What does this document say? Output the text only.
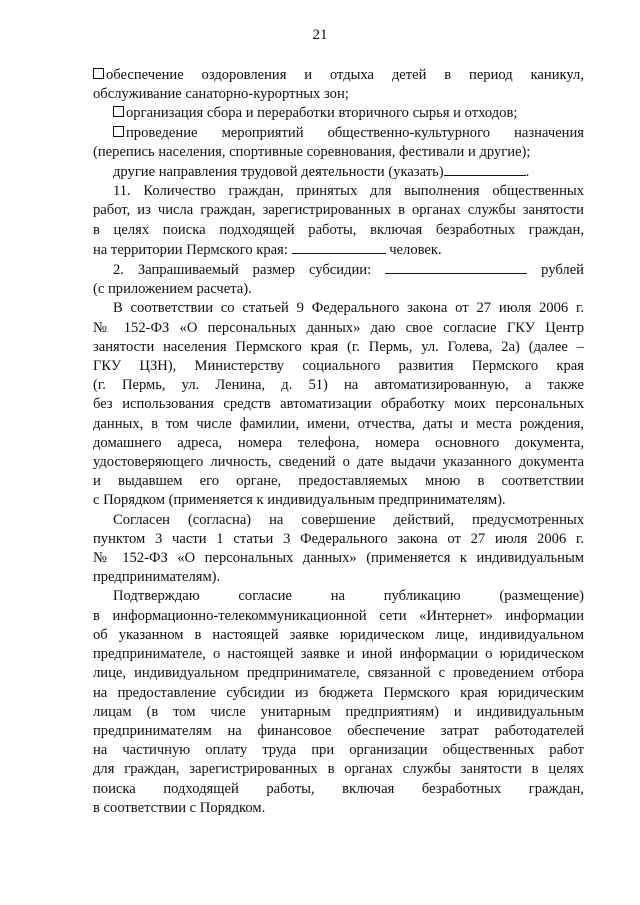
21

обеспечение оздоровления и отдыха детей в период каникул,
обслуживание санаторно-курортных зон;

организация сбора и переработки вторичного сырья и отходов;

проведение мероприятий общественно-культурного назначения
(перепись населения, спортивные соревнования, фестивали и другие);

другие направления трудовой деятельности (указать)	.

11. Количество граждан, принятых для выполнения общественных
работ, из числа граждан, зарегистрированных в органах службы занятости
в целях поиска подходящей работы, включая безработных граждан,
на территории Пермского края:	человек.

2. Запрашиваемый размер субсидии:	рублей
(с приложением расчета).

В соответствии со статьей 9 Федерального закона от 27 июля 2006 г.
№ 152-ФЗ «О персональных данных» даю свое согласие ГКУ Центр
занятости населения Пермского края (г. Пермь, ул. Голева, 2а) (далее –
ГКУ ЦЗН), Министерству социального развития Пермского края
(г. Пермь, ул. Ленина, д. 51) на автоматизированную, а также
без использования средств автоматизации обработку моих персональных
данных, в том числе фамилии, имени, отчества, даты и места рождения,
домашнего адреса, номера телефона, номера основного документа,
удостоверяющего личность, сведений о дате выдачи указанного документа
и выдавшем его органе, предоставляемых мною в соответствии
с Порядком (применяется к индивидуальным предпринимателям).

Согласен (согласна) на совершение действий, предусмотренных
пунктом 3 части 1 статьи 3 Федерального закона от 27 июля 2006 г.
№ 152-ФЗ «О персональных данных» (применяется к индивидуальным
предпринимателям).

Подтверждаю согласие на публикацию (размещение)
в информационно-телекоммуникационной сети «Интернет» информации
об указанном в настоящей заявке юридическом лице, индивидуальном
предпринимателе, о настоящей заявке и иной информации о юридическом
лице, индивидуальном предпринимателе, связанной с проведением отбора
на предоставление субсидии из бюджета Пермского края юридическим
лицам (в том числе унитарным предприятиям) и индивидуальным
предпринимателям на финансовое обеспечение затрат работодателей
на частичную оплату труда при организации общественных работ
для граждан, зарегистрированных в органах службы занятости в целях
поиска подходящей работы, включая безработных граждан,
в соответствии с Порядком.
